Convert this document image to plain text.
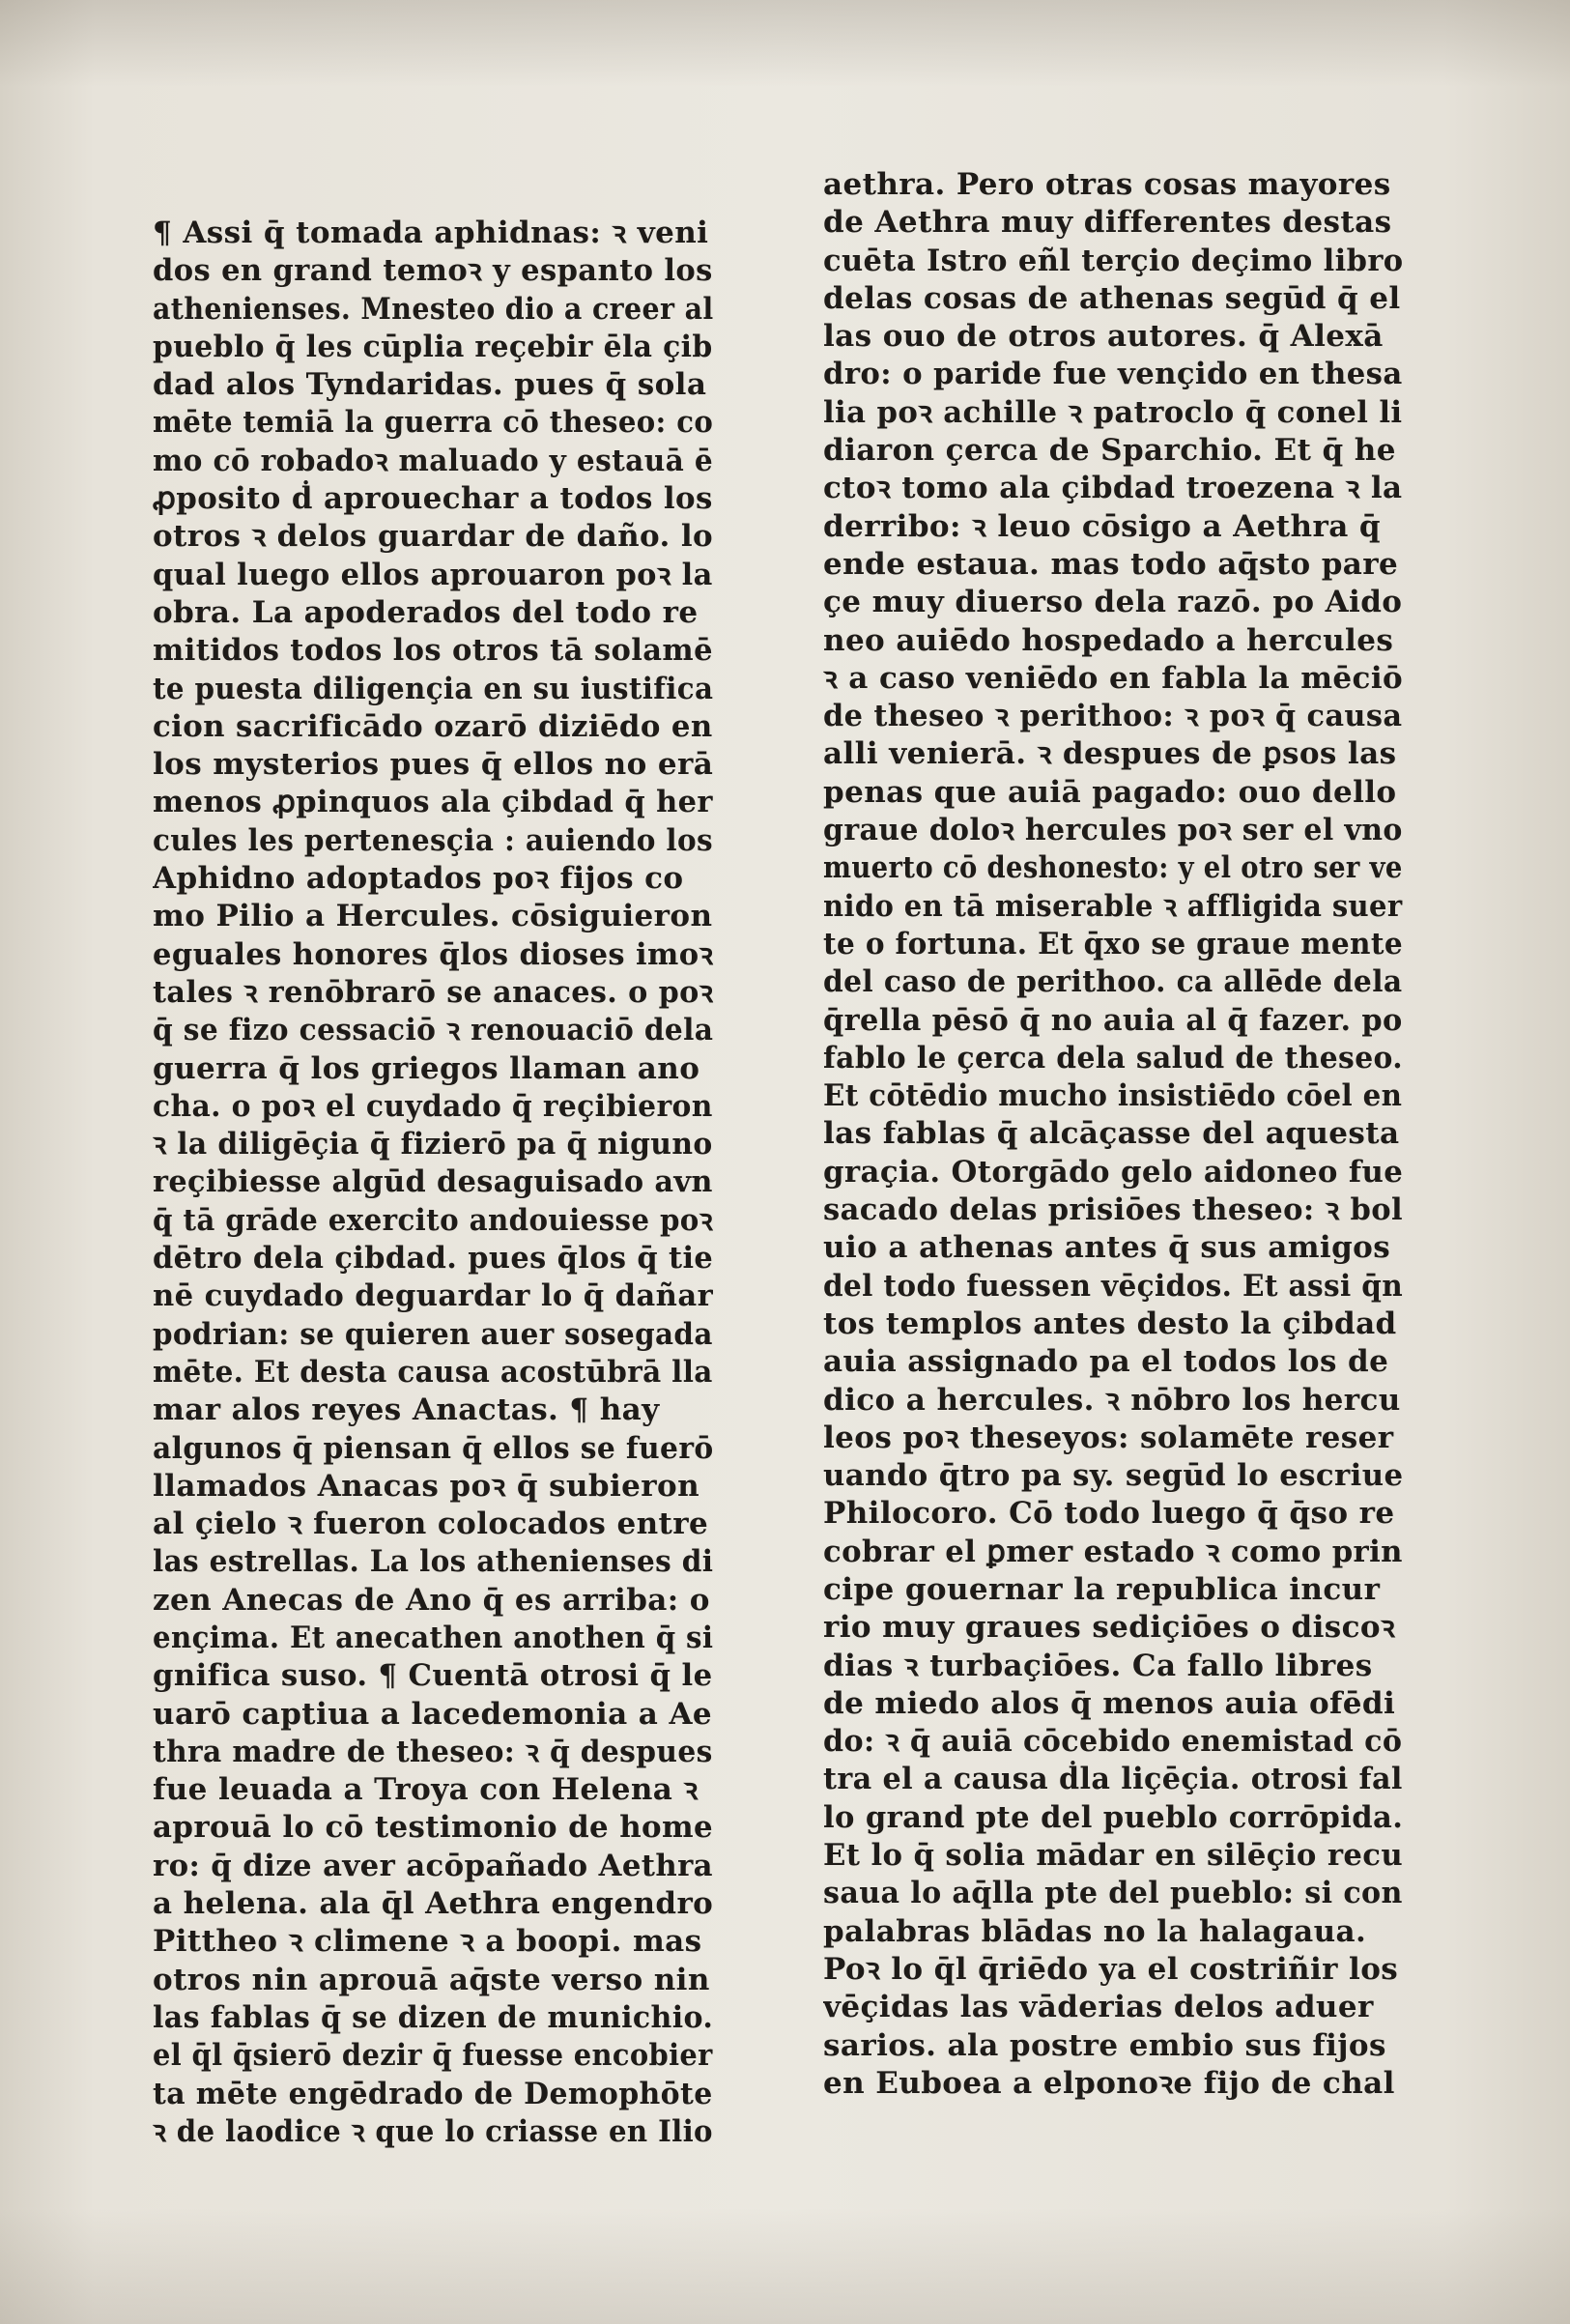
¶ Assi q̄ tomada aphidnas: ꝛ veni
dos en grand temoꝛ y espanto los
athenienses. Mnesteo dio a creer al
pueblo q̄ les cūplia reçebir ēla çib
dad alos Tyndaridas. pues q̄ sola
mēte temiā la guerra cō theseo: co
mo cō robadoꝛ maluado y estauā ē
ꝓposito ḋ aprouechar a todos los
otros ꝛ delos guardar de daño. lo
qual luego ellos aprouaron poꝛ la
obra. La apoderados del todo re
mitidos todos los otros tā solamē
te puesta diligençia en su iustifica
cion sacrificādo ozarō diziēdo en
los mysterios pues q̄ ellos no erā
menos ꝓpinquos ala çibdad q̄ her
cules les pertenesçia : auiendo los
Aphidno adoptados poꝛ fijos co
mo Pilio a Hercules. cōsiguieron
eguales honores q̄los dioses imoꝛ
tales ꝛ renōbrarō se anaces. o poꝛ
q̄ se fizo cessaciō ꝛ renouaciō dela
guerra q̄ los griegos llaman ano
cha. o poꝛ el cuydado q̄ reçibieron
ꝛ la diligēçia q̄ fizierō pa q̄ niguno
reçibiesse algūd desaguisado avn
q̄ tā grāde exercito andouiesse poꝛ
dētro dela çibdad. pues q̄los q̄ tie
nē cuydado deguardar lo q̄ dañar
podrian: se quieren auer sosegada
mēte. Et desta causa acostūbrā lla
mar alos reyes Anactas. ¶ hay
algunos q̄ piensan q̄ ellos se fuerō
llamados Anacas poꝛ q̄ subieron
al çielo ꝛ fueron colocados entre
las estrellas. La los athenienses di
zen Anecas de Ano q̄ es arriba: o
ençima. Et anecathen anothen q̄ si
gnifica suso. ¶ Cuentā otrosi q̄ le
uarō captiua a lacedemonia a Ae
thra madre de theseo: ꝛ q̄ despues
fue leuada a Troya con Helena ꝛ
aprouā lo cō testimonio de home
ro: q̄ dize aver acōpañado Aethra
a helena. ala q̄l Aethra engendro
Pittheo ꝛ climene ꝛ a boopi. mas
otros nin aprouā aq̄ste verso nin
las fablas q̄ se dizen de munichio.
el q̄l q̄sierō dezir q̄ fuesse encobier
ta mēte engēdrado de Demophōte
ꝛ de laodice ꝛ que lo criasse en Ilio
aethra. Pero otras cosas mayores
de Aethra muy differentes destas
cuēta Istro eñl terçio deçimo libro
delas cosas de athenas segūd q̄ el
las ouo de otros autores. q̄ Alexā
dro: o paride fue vençido en thesa
lia poꝛ achille ꝛ patroclo q̄ conel li
diaron çerca de Sparchio. Et q̄ he
ctoꝛ tomo ala çibdad troezena ꝛ la
derribo: ꝛ leuo cōsigo a Aethra q̄
ende estaua. mas todo aq̄sto pare
çe muy diuerso dela razō. po Aido
neo auiēdo hospedado a hercules
ꝛ a caso veniēdo en fabla la mēciō
de theseo ꝛ perithoo: ꝛ poꝛ q̄ causa
alli venierā. ꝛ despues de ꝑsos las
penas que auiā pagado: ouo dello
graue doloꝛ hercules poꝛ ser el vno
muerto cō deshonesto: y el otro ser ve
nido en tā miserable ꝛ affligida suer
te o fortuna. Et q̄xo se graue mente
del caso de perithoo. ca allēde dela
q̄rella pēsō q̄ no auia al q̄ fazer. po
fablo le çerca dela salud de theseo.
Et cōtēdio mucho insistiēdo cōel en
las fablas q̄ alcāçasse del aquesta
graçia. Otorgādo gelo aidoneo fue
sacado delas prisiōes theseo: ꝛ bol
uio a athenas antes q̄ sus amigos
del todo fuessen vēçidos. Et assi q̄n
tos templos antes desto la çibdad
auia assignado pa el todos los de
dico a hercules. ꝛ nōbro los hercu
leos poꝛ theseyos: solamēte reser
uando q̄tro pa sy. segūd lo escriue
Philocoro. Cō todo luego q̄ q̄so re
cobrar el ꝑmer estado ꝛ como prin
cipe gouernar la republica incur
rio muy graues sediçiōes o discoꝛ
dias ꝛ turbaçiōes. Ca fallo libres
de miedo alos q̄ menos auia ofēdi
do: ꝛ q̄ auiā cōcebido enemistad cō
tra el a causa ḋla liçēçia. otrosi fal
lo grand pte del pueblo corrōpida.
Et lo q̄ solia mādar en silēçio recu
saua lo aq̄lla pte del pueblo: si con
palabras blādas no la halagaua.
Poꝛ lo q̄l q̄riēdo ya el costriñir los
vēçidas las vāderias delos aduer
sarios. ala postre embio sus fijos
en Euboea a elponoꝛe fijo de chal
